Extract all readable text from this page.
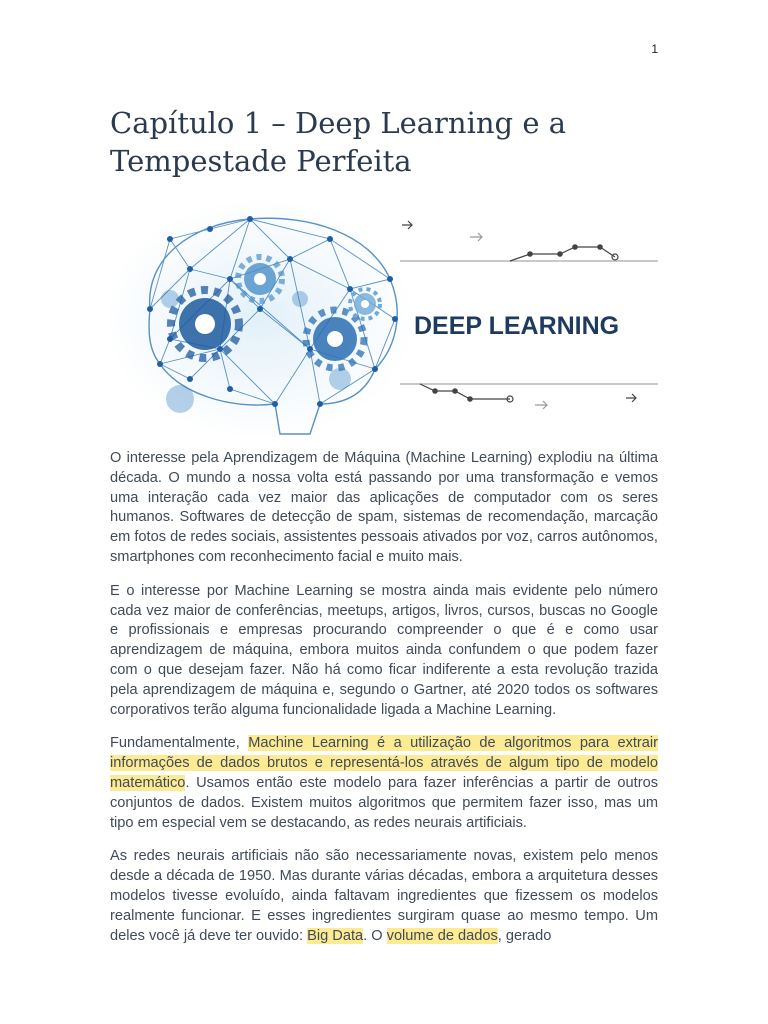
1
Capítulo 1 – Deep Learning e a Tempestade Perfeita
DEEP LEARNING

O interesse pela Aprendizagem de Máquina (Machine Learning) explodiu na última década. O mundo a nossa volta está passando por uma transformação e vemos uma interação cada vez maior das aplicações de computador com os seres humanos. Softwares de detecção de spam, sistemas de recomendação, marcação em fotos de redes sociais, assistentes pessoais ativados por voz, carros autônomos, smartphones com reconhecimento facial e muito mais.

E o interesse por Machine Learning se mostra ainda mais evidente pelo número cada vez maior de conferências, meetups, artigos, livros, cursos, buscas no Google e profissionais e empresas procurando compreender o que é e como usar aprendizagem de máquina, embora muitos ainda confundem o que podem fazer com o que desejam fazer. Não há como ficar indiferente a esta revolução trazida pela aprendizagem de máquina e, segundo o Gartner, até 2020 todos os softwares corporativos terão alguma funcionalidade ligada a Machine Learning.

Fundamentalmente, Machine Learning é a utilização de algoritmos para extrair informações de dados brutos e representá-los através de algum tipo de modelo matemático. Usamos então este modelo para fazer inferências a partir de outros conjuntos de dados. Existem muitos algoritmos que permitem fazer isso, mas um tipo em especial vem se destacando, as redes neurais artificiais.

As redes neurais artificiais não são necessariamente novas, existem pelo menos desde a década de 1950. Mas durante várias décadas, embora a arquitetura desses modelos tivesse evoluído, ainda faltavam ingredientes que fizessem os modelos realmente funcionar. E esses ingredientes surgiram quase ao mesmo tempo. Um deles você já deve ter ouvido: Big Data. O volume de dados, gerado
